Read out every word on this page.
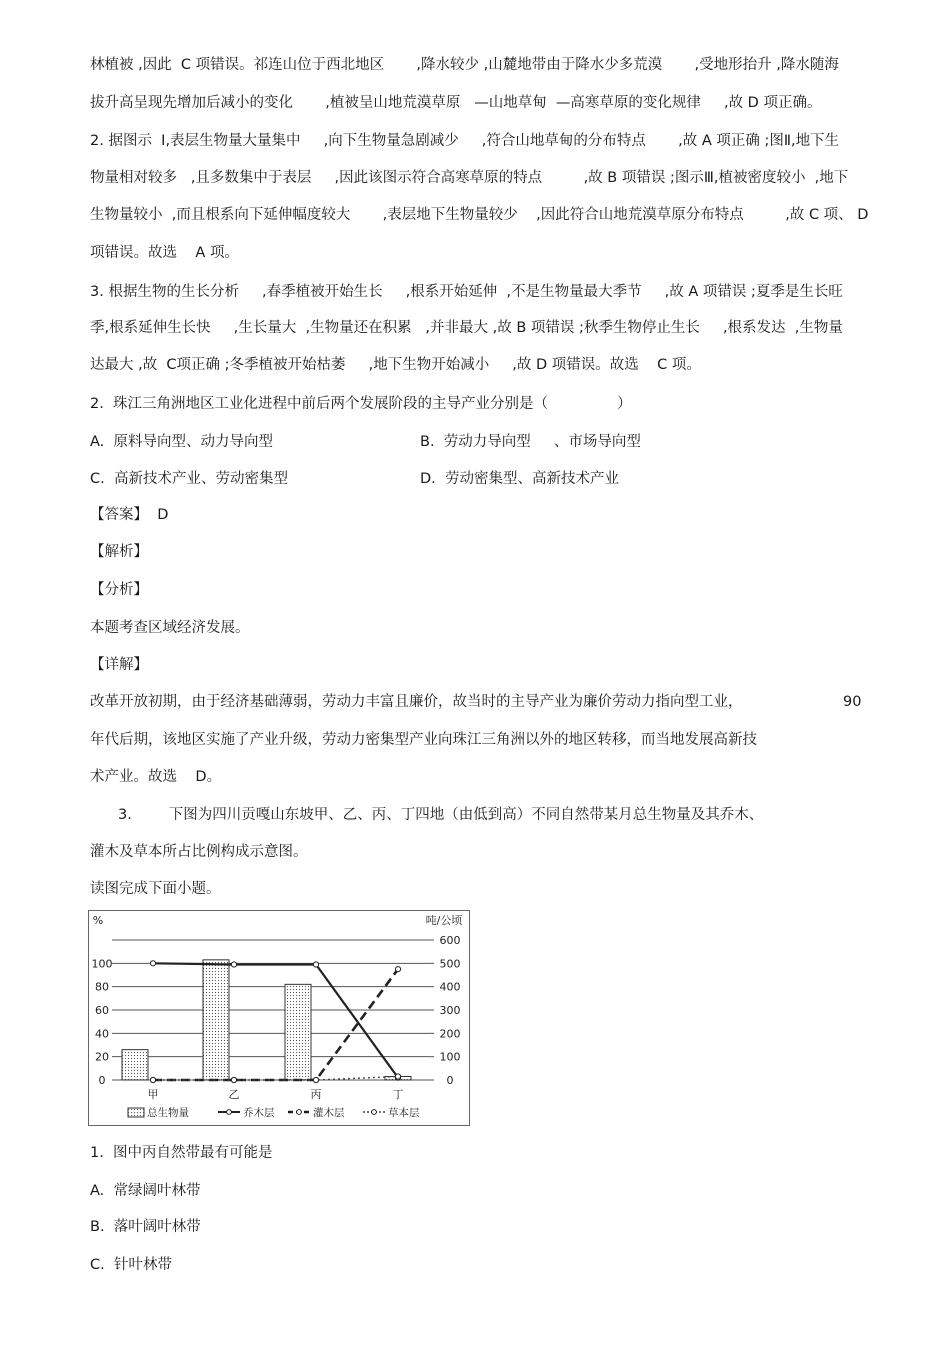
林植被 ,因此  C 项错误。祁连山位于西北地区       ,降水较少 ,山麓地带由于降水少多荒漠       ,受地形抬升 ,降水随海
拔升高呈现先增加后减小的变化       ,植被呈山地荒漠草原   —山地草甸  —高寒草原的变化规律     ,故 D 项正确。
2. 据图示  Ⅰ,表层生物量大量集中     ,向下生物量急剧减少     ,符合山地草甸的分布特点       ,故 A 项正确 ;图Ⅱ,地下生
物量相对较多   ,且多数集中于表层     ,因此该图示符合高寒草原的特点         ,故 B 项错误 ;图示Ⅲ,植被密度较小  ,地下
生物量较小  ,而且根系向下延伸幅度较大       ,表层地下生物量较少    ,因此符合山地荒漠草原分布特点         ,故 C 项、 D
项错误。故选    A 项。
3. 根据生物的生长分析     ,春季植被开始生长     ,根系开始延伸  ,不是生物量最大季节     ,故 A 项错误 ;夏季是生长旺
季,根系延伸生长快     ,生长量大  ,生物量还在积累   ,并非最大 ,故 B 项错误 ;秋季生物停止生长     ,根系发达  ,生物量
达最大 ,故  C项正确 ;冬季植被开始枯萎     ,地下生物开始减小     ,故 D 项错误。故选    C 项。
2.  珠江三角洲地区工业化进程中前后两个发展阶段的主导产业分别是（               ）
A.  原料导向型、动力导向型	B.  劳动力导向型     、市场导向型
C.  高新技术产业、劳动密集型	D.  劳动密集型、高新技术产业
【答案】  D
【解析】
【分析】
本题考查区域经济发展。
【详解】
改革开放初期，由于经济基础薄弱，劳动力丰富且廉价，故当时的主导产业为廉价劳动力指向型工业，	90
年代后期，该地区实施了产业升级，劳动力密集型产业向珠江三角洲以外的地区转移，而当地发展高新技
术产业。故选    D。
3.        下图为四川贡嘎山东坡甲、乙、丙、丁四地（由低到高）不同自然带某月总生物量及其乔木、
灌木及草本所占比例构成示意图。
读图完成下面小题。
0
100
200
300
400
500
600
0
20
40
60
80
100
%	吨/公顷
甲	乙	丙	丁
总生物量	乔木层	灌木层	草本层
1.  图中丙自然带最有可能是
A.  常绿阔叶林带
B.  落叶阔叶林带
C.  针叶林带
